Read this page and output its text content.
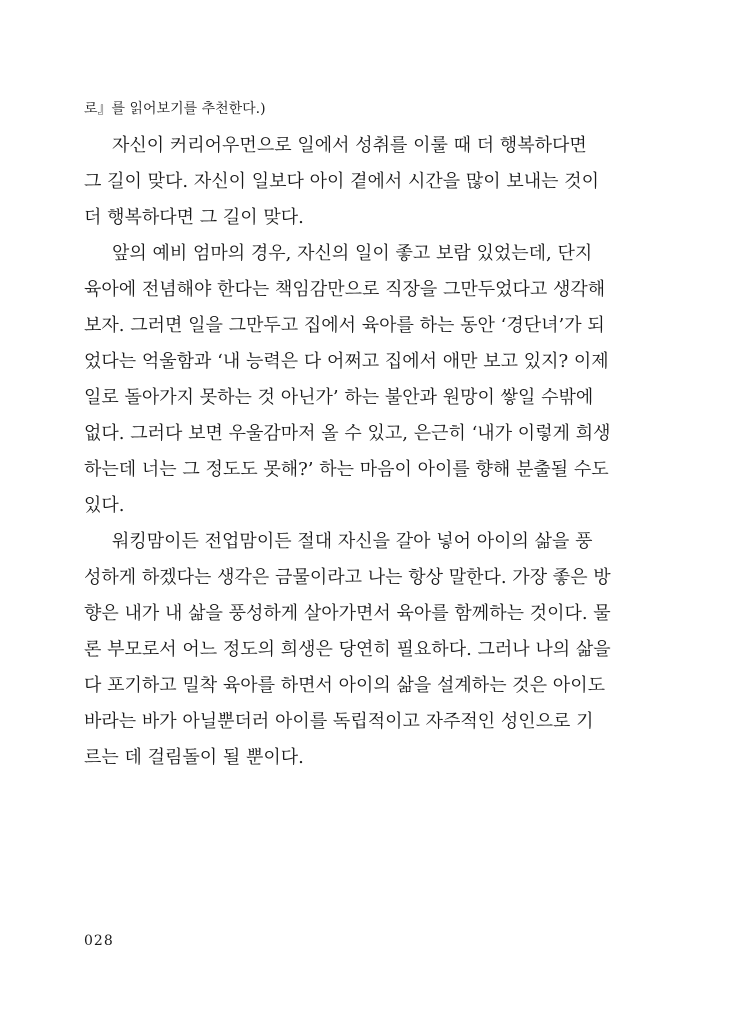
로』를 읽어보기를 추천한다.)
자신이 커리어우먼으로 일에서 성취를 이룰 때 더 행복하다면
그 길이 맞다. 자신이 일보다 아이 곁에서 시간을 많이 보내는 것이
더 행복하다면 그 길이 맞다.
앞의 예비 엄마의 경우, 자신의 일이 좋고 보람 있었는데, 단지
육아에 전념해야 한다는 책임감만으로 직장을 그만두었다고 생각해
보자. 그러면 일을 그만두고 집에서 육아를 하는 동안 ‘경단녀’가 되
었다는 억울함과 ‘내 능력은 다 어쩌고 집에서 애만 보고 있지? 이제
일로 돌아가지 못하는 것 아닌가’ 하는 불안과 원망이 쌓일 수밖에
없다. 그러다 보면 우울감마저 올 수 있고, 은근히 ‘내가 이렇게 희생
하는데 너는 그 정도도 못해?’ 하는 마음이 아이를 향해 분출될 수도
있다.
워킹맘이든 전업맘이든 절대 자신을 갈아 넣어 아이의 삶을 풍
성하게 하겠다는 생각은 금물이라고 나는 항상 말한다. 가장 좋은 방
향은 내가 내 삶을 풍성하게 살아가면서 육아를 함께하는 것이다. 물
론 부모로서 어느 정도의 희생은 당연히 필요하다. 그러나 나의 삶을
다 포기하고 밀착 육아를 하면서 아이의 삶을 설계하는 것은 아이도
바라는 바가 아닐뿐더러 아이를 독립적이고 자주적인 성인으로 기
르는 데 걸림돌이 될 뿐이다.
028
